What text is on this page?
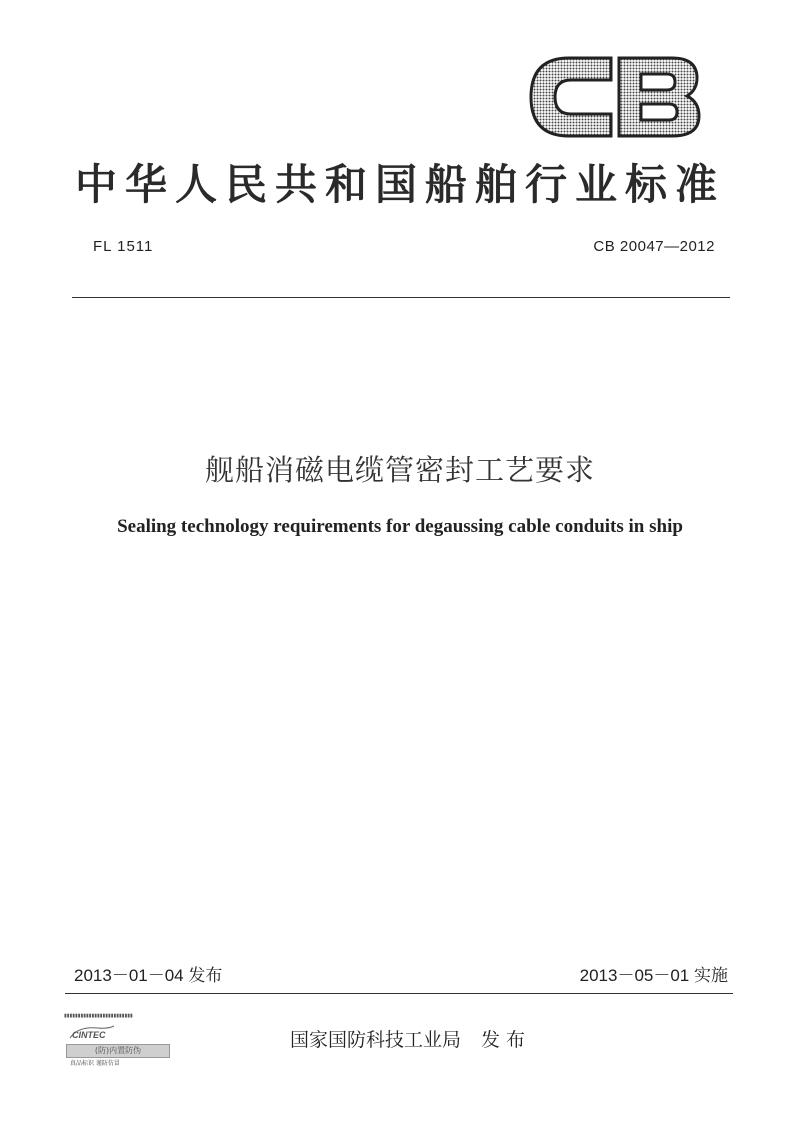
中华人民共和国船舶行业标准
FL 1511	CB 20047—2012
舰船消磁电缆管密封工艺要求
Sealing technology requirements for degaussing cable conduits in ship
2013－01－04 发布	2013－05－01 实施
▮▮▮▮▮▮▮▮▮▮▮▮▮▮▮▮▮▮▮▮▮▮▮▮▮
CINTEC
(防)内置防伪
真品标识 谨防仿冒
国家国防科技工业局 发 布
